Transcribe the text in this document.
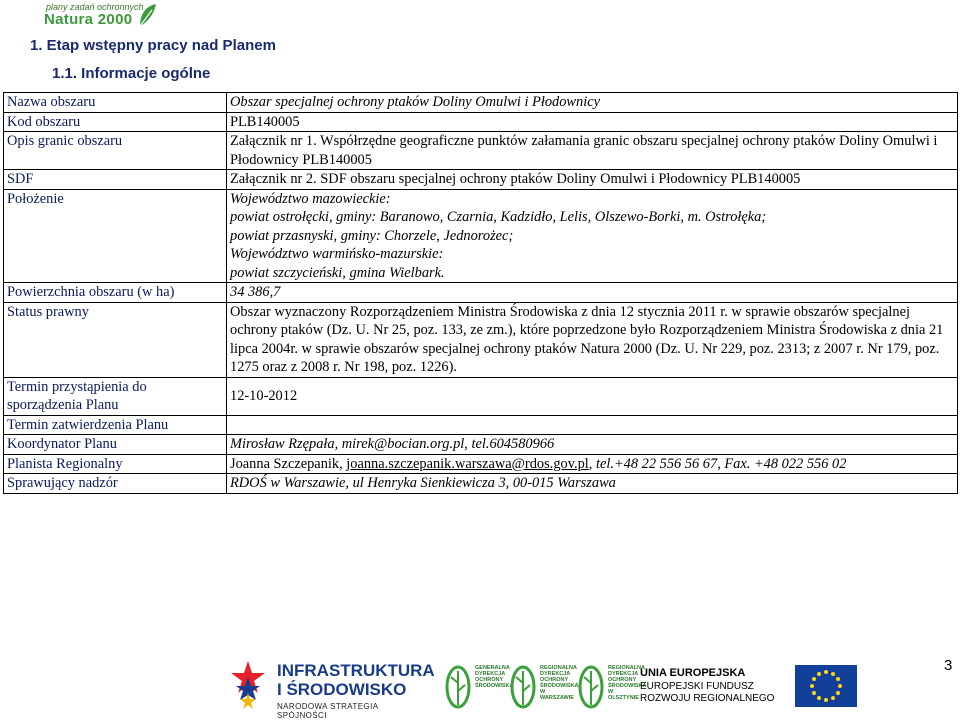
plany zadań ochronnych
Natura 2000
1. Etap wstępny pracy nad Planem
1.1. Informacje ogólne
Nazwa obszaru	Obszar specjalnej ochrony ptaków Doliny Omulwi i Płodownicy
Kod obszaru	PLB140005
Opis granic obszaru	Załącznik nr 1. Współrzędne geograficzne punktów załamania granic obszaru specjalnej ochrony ptaków Doliny Omulwi i Płodownicy PLB140005
SDF	Załącznik nr 2. SDF obszaru specjalnej ochrony ptaków Doliny Omulwi i Płodownicy PLB140005
Położenie	Województwo mazowieckie:
powiat ostrołęcki, gminy: Baranowo, Czarnia, Kadzidło, Lelis, Olszewo-Borki, m. Ostrołęka;
powiat przasnyski, gminy: Chorzele, Jednorożec;
Województwo warmińsko-mazurskie:
powiat szczycieński, gmina Wielbark.

Powierzchnia obszaru (w ha)	34 386,7
Status prawny	Obszar wyznaczony Rozporządzeniem Ministra Środowiska z dnia 12 stycznia 2011 r. w sprawie obszarów specjalnej ochrony ptaków (Dz. U. Nr 25, poz. 133, ze zm.), które poprzedzone było Rozporządzeniem Ministra Środowiska z dnia 21 lipca 2004r. w sprawie obszarów specjalnej ochrony ptaków Natura 2000 (Dz. U. Nr 229, poz. 2313; z 2007 r. Nr 179, poz. 1275 oraz z 2008 r. Nr 198, poz. 1226).
Termin przystąpienia do sporządzenia Planu	12-10-2012
Termin zatwierdzenia Planu	
Koordynator Planu	Mirosław Rzępała, mirek@bocian.org.pl, tel.604580966
Planista Regionalny	Joanna Szczepanik, joanna.szczepanik.warszawa@rdos.gov.pl, tel.+48 22 556 56 67, Fax. +48 022 556 02
Sprawujący nadzór	RDOŚ w Warszawie, ul Henryka Sienkiewicza 3, 00-015 Warszawa
3
INFRASTRUKTURA
I ŚRODOWISKO
NARODOWA STRATEGIA SPÓJNOŚCI
GENERALNA DYREKCJA OCHRONY ŚRODOWISKA
REGIONALNA DYREKCJA OCHRONY ŚRODOWISKA W WARSZAWIE
REGIONALNA DYREKCJA OCHRONY ŚRODOWISKA W OLSZTYNIE
UNIA EUROPEJSKA
EUROPEJSKI FUNDUSZ
ROZWOJU REGIONALNEGO
